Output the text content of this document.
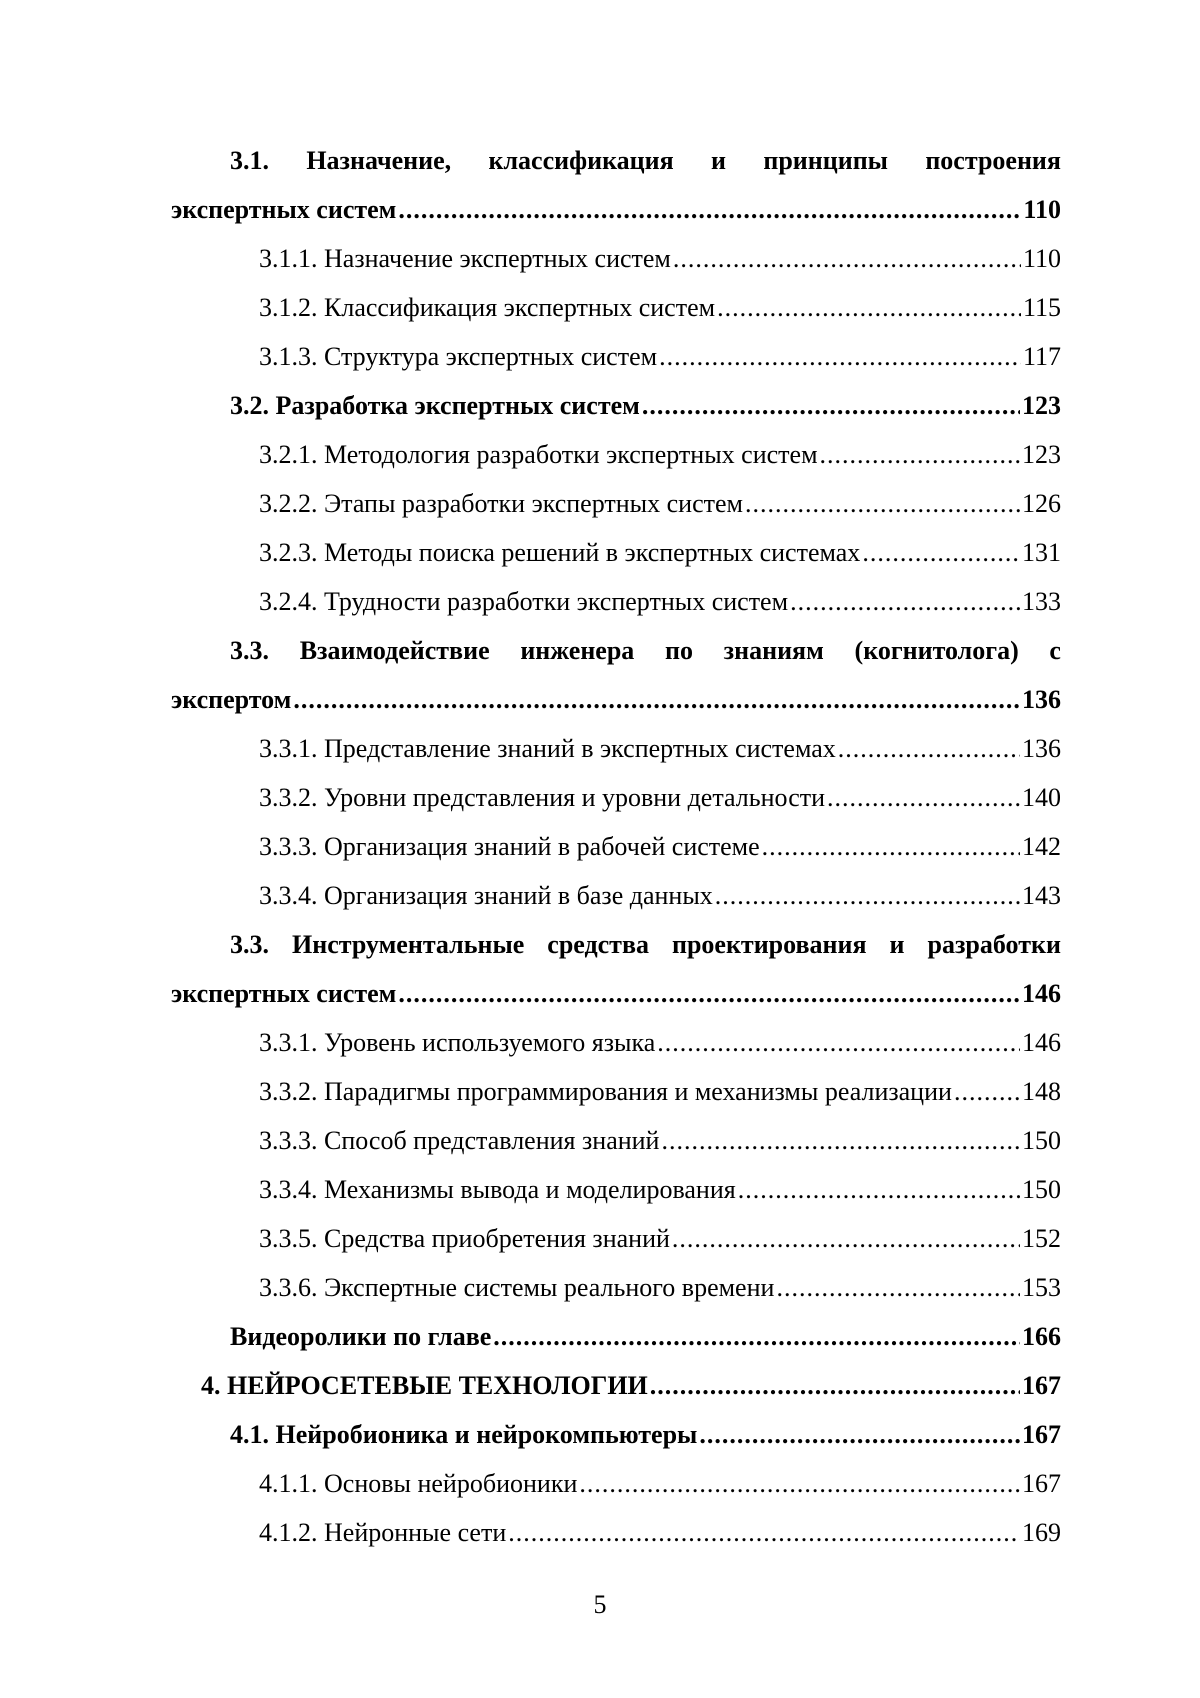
3.1. Назначение, классификация и принципы построения
экспертных систем .....	110
3.1.1. Назначение экспертных систем .....	110
3.1.2. Классификация экспертных систем .....	115
3.1.3. Структура экспертных систем .....	117
3.2. Разработка экспертных систем .....	123
3.2.1. Методология разработки экспертных систем .....	123
3.2.2. Этапы разработки экспертных систем .....	126
3.2.3. Методы поиска решений в экспертных системах .....	131
3.2.4. Трудности разработки экспертных систем .....	133
3.3. Взаимодействие инженера по знаниям (когнитолога) с
экспертом .....	136
3.3.1. Представление знаний в экспертных системах .....	136
3.3.2. Уровни представления и уровни детальности .....	140
3.3.3. Организация знаний в рабочей системе .....	142
3.3.4. Организация знаний в базе данных .....	143
3.3. Инструментальные средства проектирования и разработки
экспертных систем .....	146
3.3.1. Уровень используемого языка .....	146
3.3.2. Парадигмы программирования и механизмы реализации .....	148
3.3.3. Способ представления знаний .....	150
3.3.4. Механизмы вывода и моделирования .....	150
3.3.5. Средства приобретения знаний .....	152
3.3.6. Экспертные системы реального времени .....	153
Видеоролики по главе .....	166
4. НЕЙРОСЕТЕВЫЕ ТЕХНОЛОГИИ .....	167
4.1. Нейробионика и нейрокомпьютеры .....	167
4.1.1. Основы нейробионики .....	167
4.1.2. Нейронные сети .....	169
5
